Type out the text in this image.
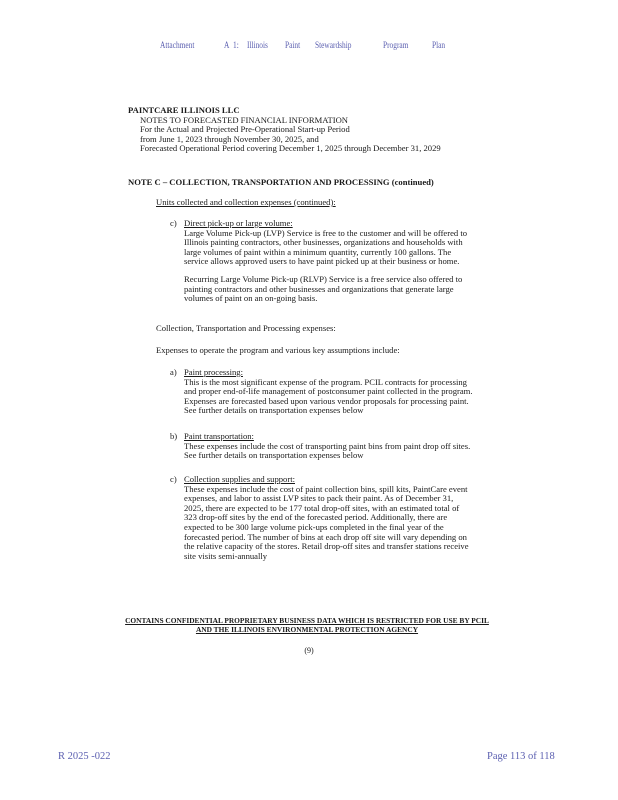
Attachment	A 1: Illinois Paint Stewardship	Program	Plan
PAINTCARE ILLINOIS LLC
NOTES TO FORECASTED FINANCIAL INFORMATION
For the Actual and Projected Pre-Operational Start-up Period
from June 1, 2023 through November 30, 2025, and
Forecasted Operational Period covering December 1, 2025 through December 31, 2029
NOTE C – COLLECTION, TRANSPORTATION AND PROCESSING (continued)
Units collected and collection expenses (continued):
c) Direct pick-up or large volume:
Large Volume Pick-up (LVP) Service is free to the customer and will be offered to
Illinois painting contractors, other businesses, organizations and households with
large volumes of paint within a minimum quantity, currently 100 gallons. The
service allows approved users to have paint picked up at their business or home.
Recurring Large Volume Pick-up (RLVP) Service is a free service also offered to
painting contractors and other businesses and organizations that generate large
volumes of paint on an on-going basis.
Collection, Transportation and Processing expenses:
Expenses to operate the program and various key assumptions include:
a) Paint processing:
This is the most significant expense of the program. PCIL contracts for processing
and proper end-of-life management of postconsumer paint collected in the program.
Expenses are forecasted based upon various vendor proposals for processing paint.
See further details on transportation expenses below
b) Paint transportation:
These expenses include the cost of transporting paint bins from paint drop off sites.
See further details on transportation expenses below
c) Collection supplies and support:
These expenses include the cost of paint collection bins, spill kits, PaintCare event
expenses, and labor to assist LVP sites to pack their paint. As of December 31,
2025, there are expected to be 177 total drop-off sites, with an estimated total of
323 drop-off sites by the end of the forecasted period. Additionally, there are
expected to be 300 large volume pick-ups completed in the final year of the
forecasted period. The number of bins at each drop off site will vary depending on
the relative capacity of the stores. Retail drop-off sites and transfer stations receive
site visits semi-annually
CONTAINS CONFIDENTIAL PROPRIETARY BUSINESS DATA WHICH IS RESTRICTED FOR USE BY PCIL
AND THE ILLINOIS ENVIRONMENTAL PROTECTION AGENCY
(9)
R 2025 -022	Page 113 of 118
